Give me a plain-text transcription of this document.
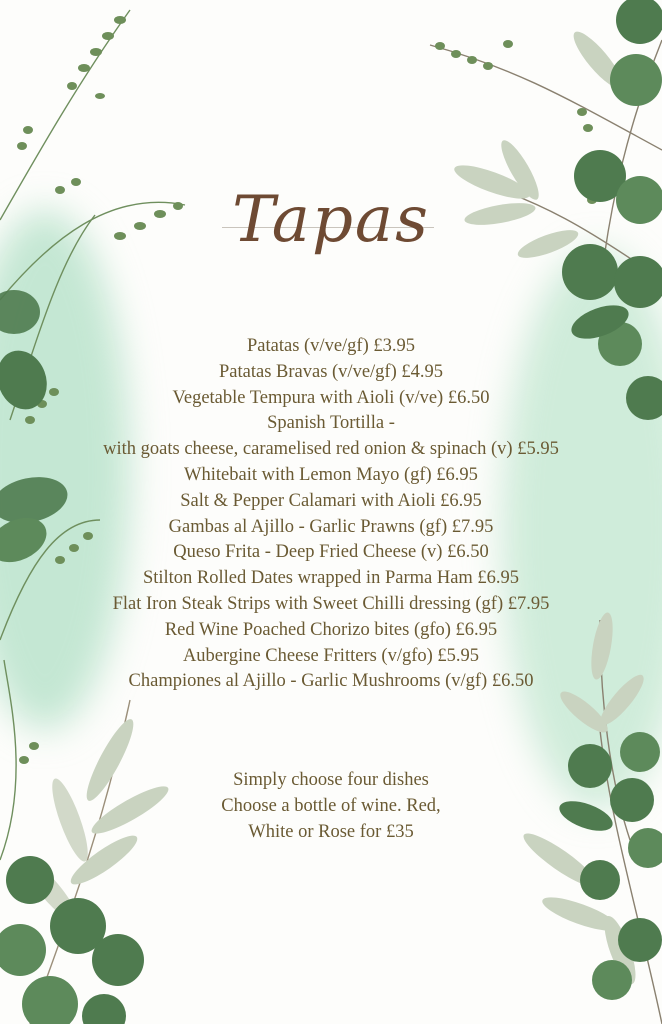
Tapas
Patatas (v/ve/gf) £3.95
Patatas Bravas (v/ve/gf) £4.95
Vegetable Tempura with Aioli (v/ve) £6.50
Spanish Tortilla -
with goats cheese, caramelised red onion & spinach (v) £5.95
Whitebait with Lemon Mayo (gf) £6.95
Salt & Pepper Calamari with Aioli £6.95
Gambas al Ajillo - Garlic Prawns (gf) £7.95
Queso Frita - Deep Fried Cheese (v) £6.50
Stilton Rolled Dates wrapped in Parma Ham £6.95
Flat Iron Steak Strips with Sweet Chilli dressing (gf) £7.95
Red Wine Poached Chorizo bites (gfo) £6.95
Aubergine Cheese Fritters (v/gfo) £5.95
Championes al Ajillo - Garlic Mushrooms (v/gf) £6.50
Simply choose four dishes
Choose a bottle of wine. Red,
White or Rose for £35
